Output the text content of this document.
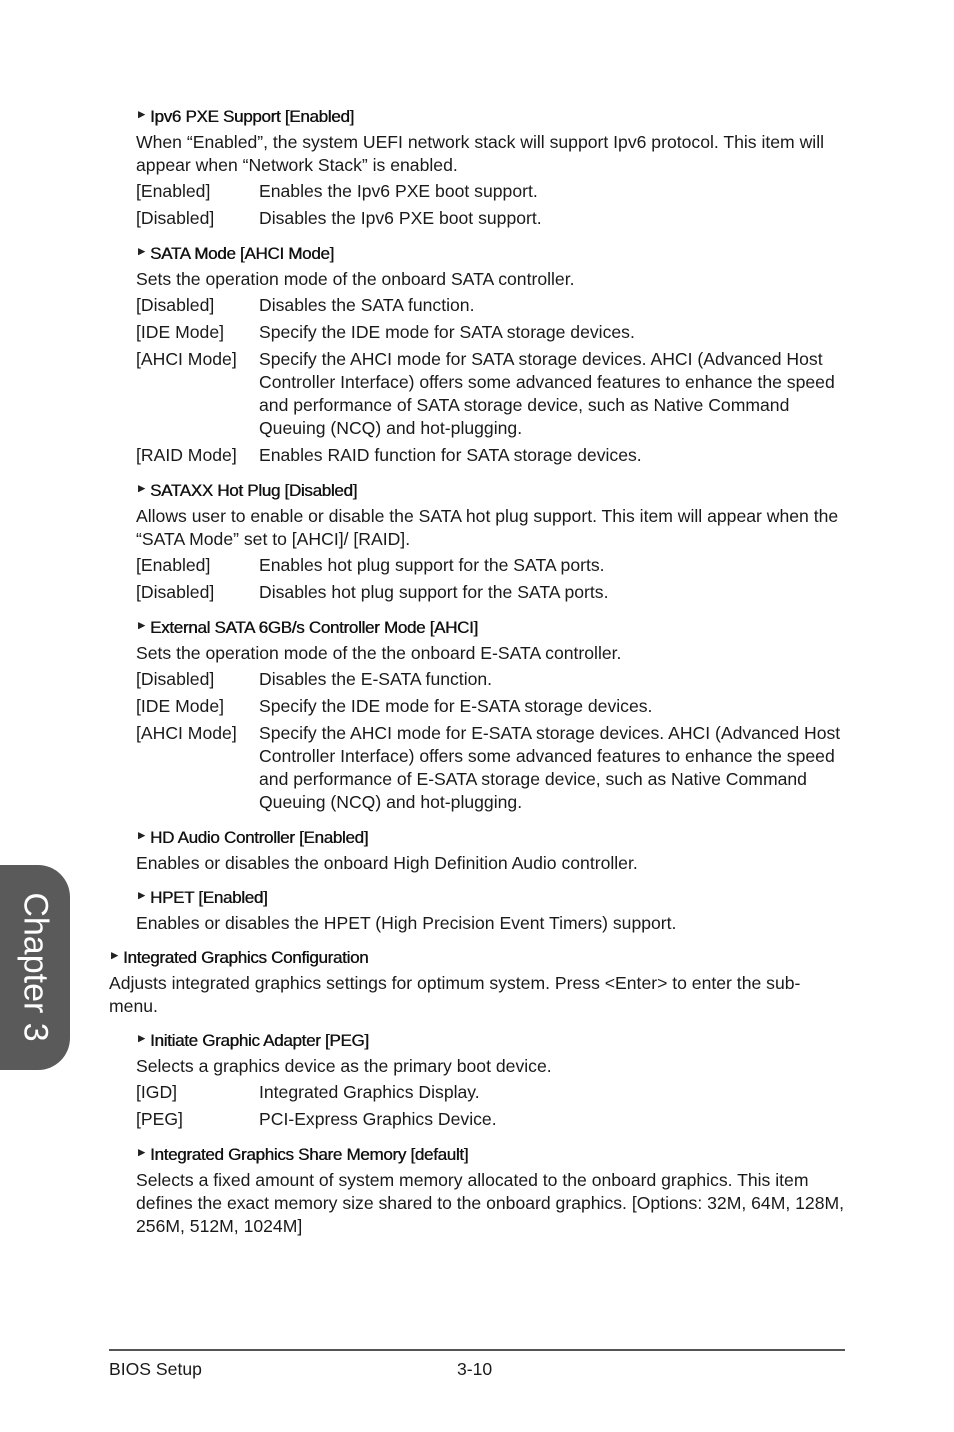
▶ Ipv6 PXE Support [Enabled]
When “Enabled”, the system UEFI network stack will support Ipv6 protocol. This item will appear when “Network Stack” is enabled.
[Enabled]	Enables the Ipv6 PXE boot support.
[Disabled]	Disables the Ipv6 PXE boot support.
▶ SATA Mode [AHCI Mode]
Sets the operation mode of the onboard SATA controller.
[Disabled]	Disables the SATA function.
[IDE Mode]	Specify the IDE mode for SATA storage devices.
[AHCI Mode]	Specify the AHCI mode for SATA storage devices. AHCI (Advanced Host Controller Interface) offers some advanced features to enhance the speed and performance of SATA storage device, such as Native Command Queuing (NCQ) and hot-plugging.
[RAID Mode]	Enables RAID function for SATA storage devices.
▶ SATAXX Hot Plug [Disabled]
Allows user to enable or disable the SATA hot plug support. This item will appear when the “SATA Mode” set to [AHCI]/ [RAID].
[Enabled]	Enables hot plug support for the SATA ports.
[Disabled]	Disables hot plug support for the SATA ports.
▶ External SATA 6GB/s Controller Mode [AHCI]
Sets the operation mode of the the onboard E-SATA controller.
[Disabled]	Disables the E-SATA function.
[IDE Mode]	Specify the IDE mode for E-SATA storage devices.
[AHCI Mode]	Specify the AHCI mode for E-SATA storage devices. AHCI (Advanced Host Controller Interface) offers some advanced features to enhance the speed and performance of E-SATA storage device, such as Native Command Queuing (NCQ) and hot-plugging.
▶ HD Audio Controller [Enabled]
Enables or disables the onboard High Definition Audio controller.
▶ HPET [Enabled]
Enables or disables the HPET (High Precision Event Timers) support.
▶ Integrated Graphics Configuration
Adjusts integrated graphics settings for optimum system. Press <Enter> to enter the sub-menu.
▶ Initiate Graphic Adapter [PEG]
Selects a graphics device as the primary boot device.
[IGD]	Integrated Graphics Display.
[PEG]	PCI-Express Graphics Device.
▶ Integrated Graphics Share Memory [default]
Selects a fixed amount of system memory allocated to the onboard graphics. This item defines the exact memory size shared to the onboard graphics. [Options: 32M, 64M, 128M, 256M, 512M, 1024M]
Chapter 3
BIOS Setup	3-10
